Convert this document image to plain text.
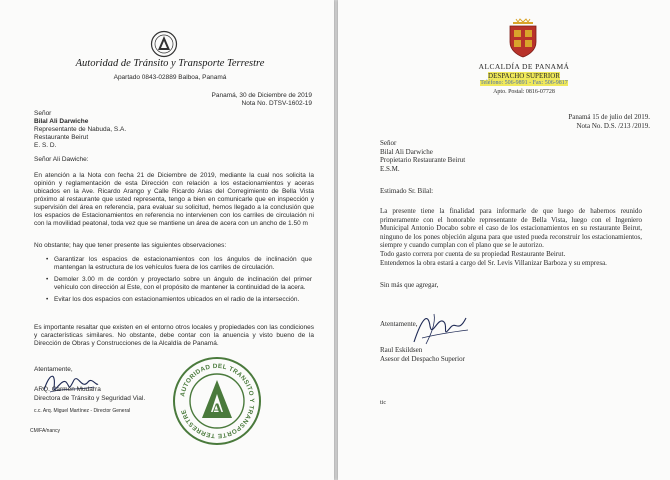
Autoridad de Tránsito y Transporte Terrestre
Apartado 0843-02889 Balboa, Panamá
Panamá, 30 de Diciembre de 2019
Nota No. DTSV-1602-19
Señor
Bilal Ali Darwiche
Representante de Nabuda, S.A.
Restaurante Beirut
E. S. D.
Señor Ali Dawiche:
En atención a la Nota con fecha 21 de Diciembre de 2019, mediante la cual nos solicita la opinión y reglamentación de esta Dirección con relación a los estacionamientos y aceras ubicados en la Ave. Ricardo Arango y Calle Ricardo Arias del Corregimiento de Bella Vista próximo al restaurante que usted representa, tengo a bien en comunicarle que en inspección y supervisión del área en referencia, para evaluar su solicitud, hemos llegado a la conclusión que los espacios de Estacionamientos en referencia no intervienen con los carriles de circulación ni con la movilidad peatonal, toda vez que se mantiene un área de acera con un ancho de 1.50 m
No obstante; hay que tener presente las siguientes observaciones:
• Garantizar los espacios de estacionamientos con los ángulos de inclinación que mantengan la estructura de los vehículos fuera de los carriles de circulación.
• Demoler 3.00 m de cordón y proyectarlo sobre un ángulo de inclinación del primer vehículo con dirección al Este, con el propósito de mantener la continuidad de la acera.
• Evitar los dos espacios con estacionamientos ubicados en el radio de la intersección.
Es importante resaltar que existen en el entorno otros locales y propiedades con las condiciones y características similares. No obstante, debe contar con la anuencia y visto bueno de la Dirección de Obras y Construcciones de la Alcaldía de Panamá.
Atentamente,
ARQ. Carmen Mudarra
Directora de Tránsito y Seguridad Vial.
c.c. Arq. Miguel Martínez - Director General
CM/FA/nancy
AUTORIDAD DEL TRANSITO Y TRANSPORTE TERRESTRE	A
ALCALDÍA DE PANAMÁ
DESPACHO SUPERIOR
Teléfono: 506-9891 - Fax: 506-9817
Apto. Postal: 0816-07728
Panamá 15 de julio del 2019.
Nota No. D.S. /213 /2019.
Señor
Bilal Ali Darwiche
Propietario Restaurante Beirut
E.S.M.
Estimado Sr. Bilal:
La presente tiene la finalidad para informarle de que luego de habernos reunido primeramente con el honorable representante de Bella Vista, luego con el Ingeniero Municipal Antonio Docabo sobre el caso de los estacionamientos en su restaurante Beirut, ninguno de los pones objeción alguna para que usted pueda reconstruir los estacionamientos, siempre y cuando cumplan con el plano que se le autorizo.
Todo gasto correra por cuenta de su propiedad Restaurante Beirut.
Entendemos la obra estará a cargo del Sr. Levis Villanizar Barboza y su empresa.
Sin más que agregar,
Atentamente,
Raul Eskildsen
Asesor del Despacho Superior
tic
